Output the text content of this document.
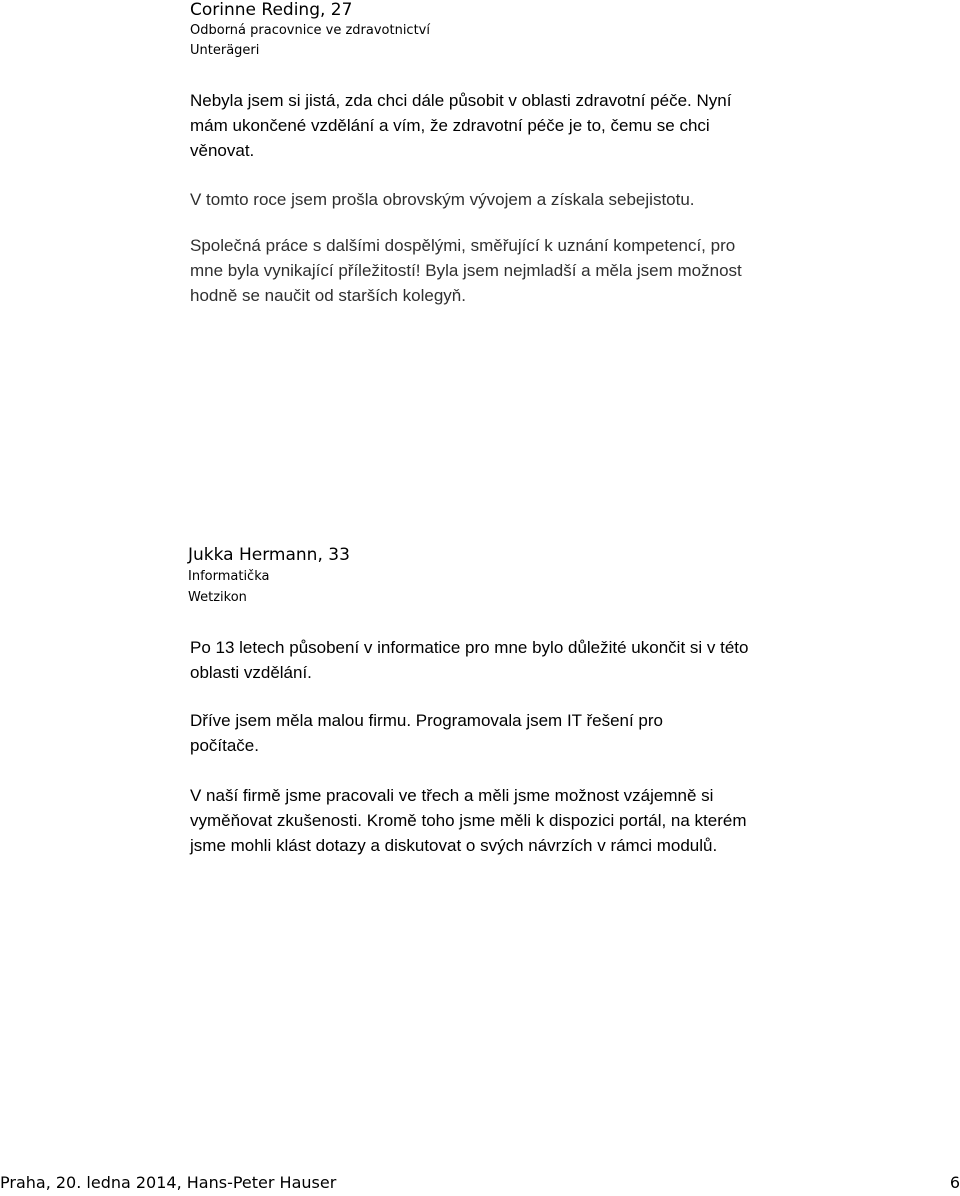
Corinne Reding, 27
Odborná pracovnice ve zdravotnictví
Unterägeri

Nebyla jsem si jistá, zda chci dále působit v oblasti zdravotní péče. Nyní mám ukončené vzdělání a vím, že zdravotní péče je to, čemu se chci věnovat.

V tomto roce jsem prošla obrovským vývojem a získala sebejistotu.

Společná práce s dalšími dospělými, směřující k uznání kompetencí, pro mne byla vynikající příležitostí! Byla jsem nejmladší a měla jsem možnost hodně se naučit od starších kolegyň.

Jukka Hermann, 33
Informatička
Wetzikon

Po 13 letech působení v informatice pro mne bylo důležité ukončit si v této oblasti vzdělání.

Dříve jsem měla malou firmu. Programovala jsem IT řešení pro počítače.

V naší firmě jsme pracovali ve třech a měli jsme možnost vzájemně si vyměňovat zkušenosti. Kromě toho jsme měli k dispozici portál, na kterém jsme mohli klást dotazy a diskutovat o svých návrzích v rámci modulů.

Praha, 20. ledna 2014, Hans-Peter Hauser	6
